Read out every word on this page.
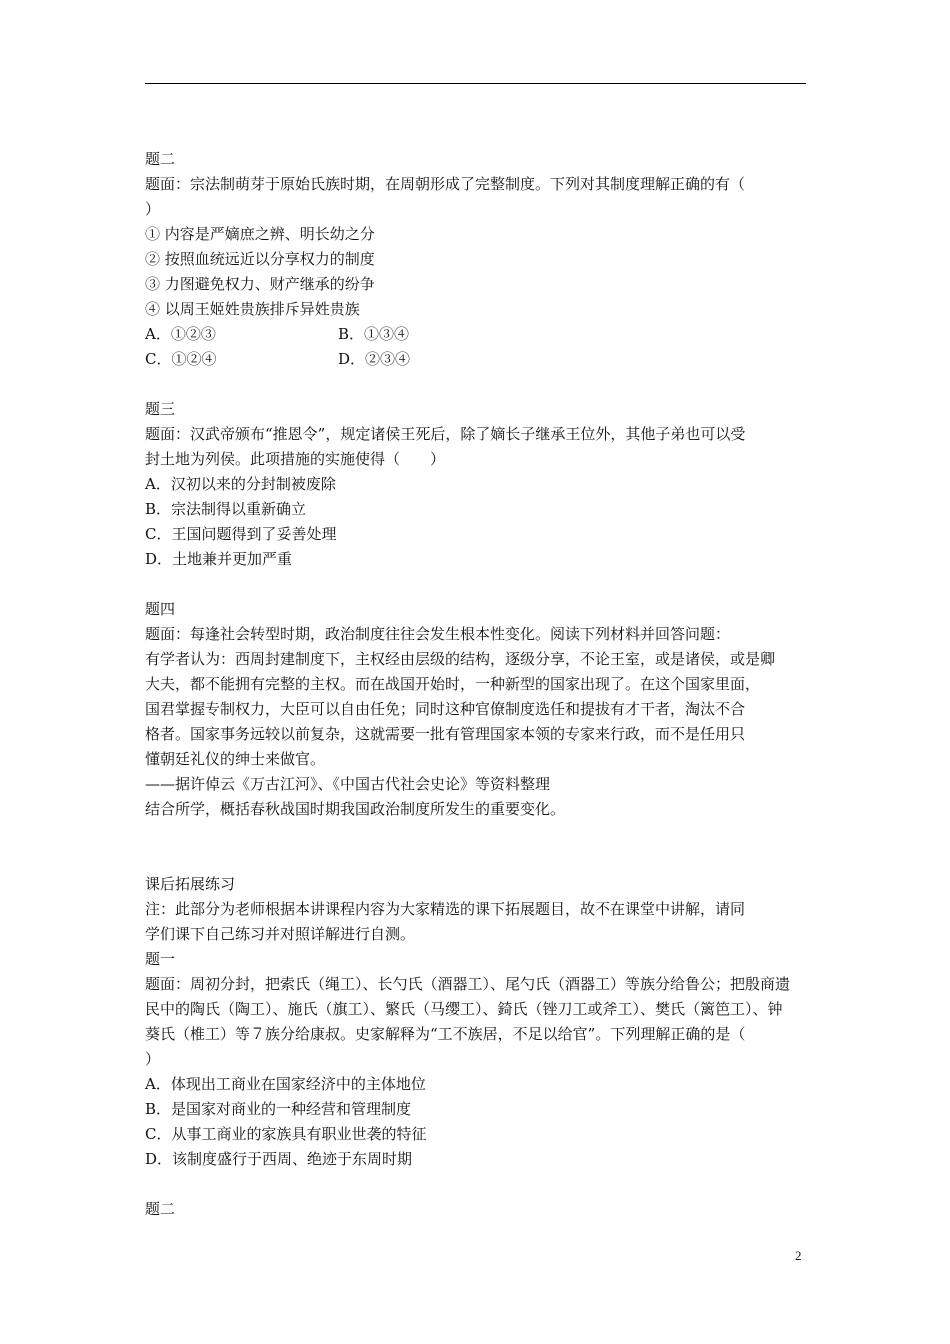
题二

题面：宗法制萌芽于原始氏族时期，在周朝形成了完整制度。下列对其制度理解正确的有（

）

① 内容是严嫡庶之辨、明长幼之分

② 按照血统远近以分享权力的制度

③ 力图避免权力、财产继承的纷争

④ 以周王姬姓贵族排斥异姓贵族

A．①②③	B．①③④
C．①②④	D．②③④

题三

题面：汉武帝颁布“推恩令”，规定诸侯王死后，除了嫡长子继承王位外，其他子弟也可以受

封土地为列侯。此项措施的实施使得（　　）

A．汉初以来的分封制被废除

B．宗法制得以重新确立

C．王国问题得到了妥善处理

D．土地兼并更加严重

题四

题面：每逢社会转型时期，政治制度往往会发生根本性变化。阅读下列材料并回答问题：

有学者认为：西周封建制度下，主权经由层级的结构，逐级分享，不论王室，或是诸侯，或是卿

大夫，都不能拥有完整的主权。而在战国开始时，一种新型的国家出现了。在这个国家里面，

国君掌握专制权力，大臣可以自由任免；同时这种官僚制度选任和提拔有才干者，淘汰不合

格者。国家事务远较以前复杂，这就需要一批有管理国家本领的专家来行政，而不是任用只

懂朝廷礼仪的绅士来做官。

——据许倬云《万古江河》、《中国古代社会史论》等资料整理

结合所学，概括春秋战国时期我国政治制度所发生的重要变化。

课后拓展练习

注：此部分为老师根据本讲课程内容为大家精选的课下拓展题目，故不在课堂中讲解，请同

学们课下自己练习并对照详解进行自测。

题一

题面：周初分封，把索氏（绳工）、长勺氏（酒器工）、尾勺氏（酒器工）等族分给鲁公；把殷商遗

民中的陶氏（陶工）、施氏（旗工）、繁氏（马缨工）、錡氏（锉刀工或斧工）、樊氏（篱笆工）、钟

葵氏（椎工）等７族分给康叔。史家解释为“工不族居，不足以给官”。下列理解正确的是（

）

A．体现出工商业在国家经济中的主体地位

B．是国家对商业的一种经营和管理制度

C．从事工商业的家族具有职业世袭的特征

D．该制度盛行于西周、绝迹于东周时期

题二

2
